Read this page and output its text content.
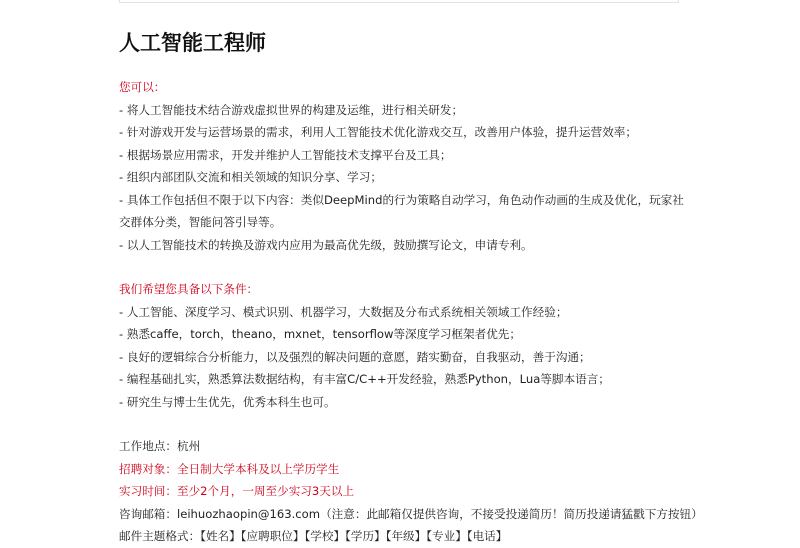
人工智能工程师
您可以：
- 将人工智能技术结合游戏虚拟世界的构建及运维，进行相关研发；
- 针对游戏开发与运营场景的需求，利用人工智能技术优化游戏交互，改善用户体验，提升运营效率；
- 根据场景应用需求，开发并维护人工智能技术支撑平台及工具；
- 组织内部团队交流和相关领域的知识分享、学习；
- 具体工作包括但不限于以下内容：类似DeepMind的行为策略自动学习，角色动作动画的生成及优化，玩家社交群体分类，智能问答引导等。
- 以人工智能技术的转换及游戏内应用为最高优先级，鼓励撰写论文，申请专利。
我们希望您具备以下条件：
- 人工智能、深度学习、模式识别、机器学习，大数据及分布式系统相关领域工作经验；
- 熟悉caffe，torch，theano，mxnet，tensorflow等深度学习框架者优先；
- 良好的逻辑综合分析能力，以及强烈的解决问题的意愿，踏实勤奋，自我驱动，善于沟通；
- 编程基础扎实，熟悉算法数据结构，有丰富C/C++开发经验，熟悉Python，Lua等脚本语言；
- 研究生与博士生优先，优秀本科生也可。
工作地点：杭州
招聘对象：全日制大学本科及以上学历学生
实习时间：至少2个月，一周至少实习3天以上
咨询邮箱：leihuozhaopin@163.com（注意：此邮箱仅提供咨询，不接受投递简历！简历投递请猛戳下方按钮）
邮件主题格式：【姓名】【应聘职位】【学校】【学历】【年级】【专业】【电话】
